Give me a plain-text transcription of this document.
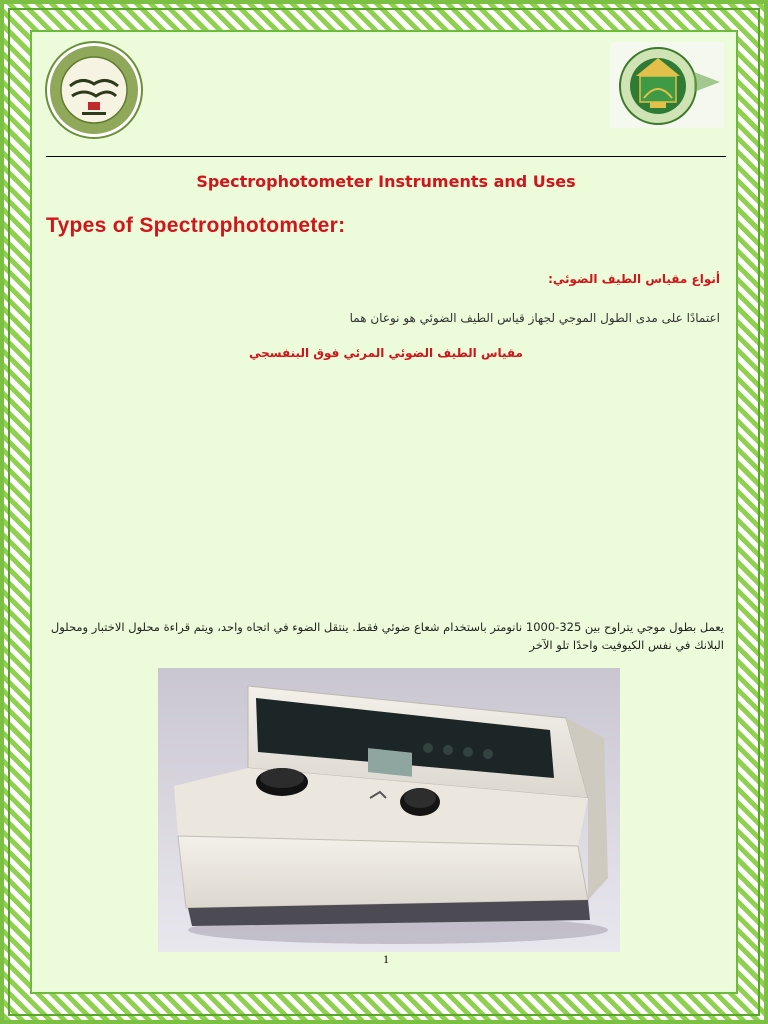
Spectrophotometer Instruments and Uses
Types of Spectrophotometer:
أنواع مقياس الطيف الضوئي:
اعتمادًا على مدى الطول الموجي لجهاز قياس الطيف الضوئي هو نوعان هما
مقياس الطيف الضوئي المرئي فوق البنفسجي
يعمل بطول موجي يتراوح بين 325-1000 نانومتر باستخدام شعاع ضوئي فقط. ينتقل الضوء في اتجاه واحد، ويتم قراءة محلول الاختبار ومحلول البلانك في نفس الكيوفيت واحدًا تلو الآخر
1
